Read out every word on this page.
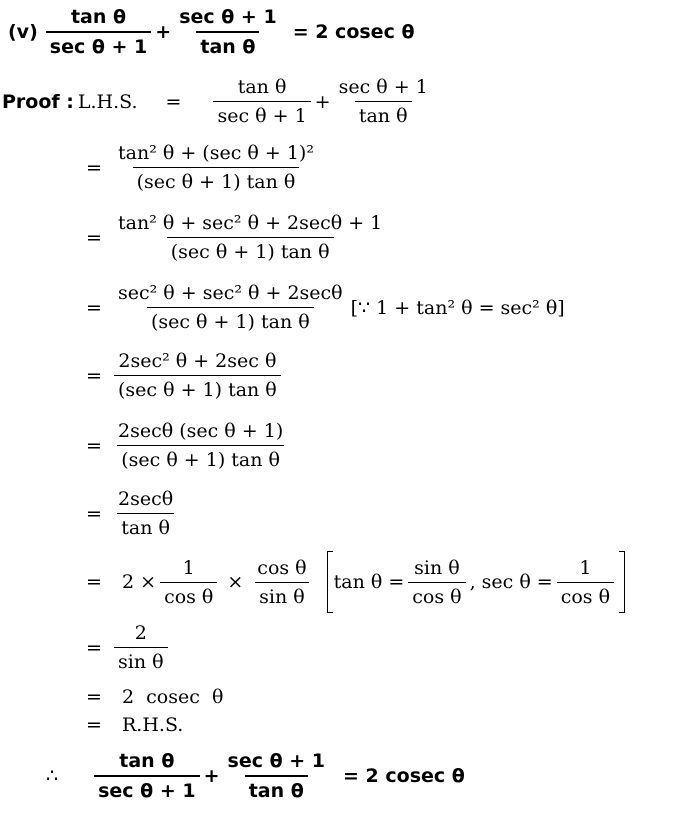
$(v) \frac{\text{tan θ}}{\text{sec θ + 1}} + \frac{\text{sec θ + 1}}{\text{tan θ}} = 2$ cosec θ
Proof : L.H.S. = $\frac{\text{tan θ}}{\text{sec θ + 1}} + \frac{\text{sec θ + 1}}{\text{tan θ}}$
= $\frac{\text{tan² θ + (sec θ + 1)²}}{\text{(sec θ + 1) tan θ}}$
= $\frac{\text{tan² θ + sec² θ + 2secθ + 1}}{\text{(sec θ + 1) tan θ}}$
= $\frac{\text{sec² θ + sec² θ + 2secθ}}{\text{(sec θ + 1) tan θ}}$ [∵ 1 + tan² θ = sec² θ]
= $\frac{\text{2sec² θ + 2sec θ}}{\text{(sec θ + 1) tan θ}}$
= $\frac{\text{2secθ (sec θ + 1)}}{\text{(sec θ + 1) tan θ}}$
= $\frac{2\sec\theta}{\text{tan θ}}$
=	$2 \times \frac{1}{\text{cos θ}} \times \frac{\text{cos θ}}{\text{sin θ}}$ $\tan \theta = \frac{\text{sin θ}}{\text{cos θ}}$ , $\sec \theta = \frac{1}{\text{cos θ}}$
= $\frac{2}{\text{sin θ}}$
=	2  cosec  θ
=	R.H.S.
∴ $\frac{\text{tan θ}}{\text{sec θ + 1}} + \frac{\text{sec θ + 1}}{\text{tan θ}} = 2$ cosec θ
